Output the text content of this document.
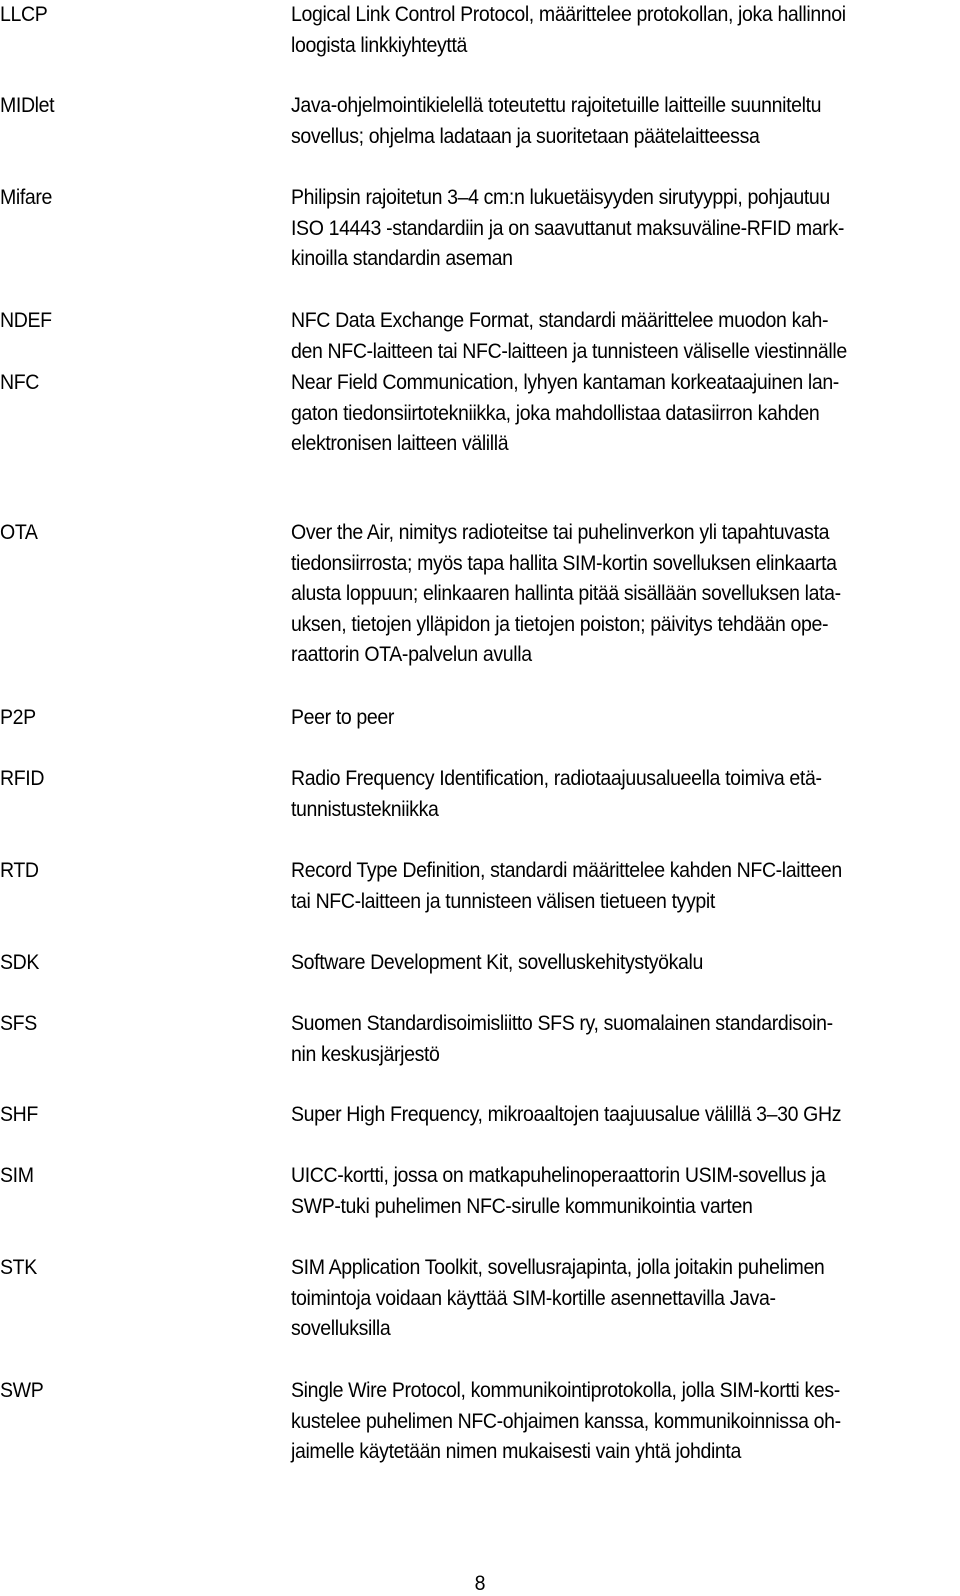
LLCP	Logical Link Control Protocol, määrittelee protokollan, joka hallinnoi
loogista linkkiyhteyttä
MIDlet	Java-ohjelmointikielellä toteutettu rajoitetuille laitteille suunniteltu
sovellus; ohjelma ladataan ja suoritetaan päätelaitteessa
Mifare	Philipsin rajoitetun 3–4 cm:n lukuetäisyyden sirutyyppi, pohjautuu
ISO 14443 -standardiin ja on saavuttanut maksuväline-RFID mark-
kinoilla standardin aseman
NDEF	NFC Data Exchange Format, standardi määrittelee muodon kah-
den NFC-laitteen tai NFC-laitteen ja tunnisteen väliselle viestinnälle
NFC	Near Field Communication, lyhyen kantaman korkeataajuinen lan-
gaton tiedonsiirtotekniikka, joka mahdollistaa datasiirron kahden
elektronisen laitteen välillä
OTA	Over the Air, nimitys radioteitse tai puhelinverkon yli tapahtuvasta
tiedonsiirrosta; myös tapa hallita SIM-kortin sovelluksen elinkaarta
alusta loppuun; elinkaaren hallinta pitää sisällään sovelluksen lata-
uksen, tietojen ylläpidon ja tietojen poiston; päivitys tehdään ope-
raattorin OTA-palvelun avulla
P2P	Peer to peer
RFID	Radio Frequency Identification, radiotaajuusalueella toimiva etä-
tunnistustekniikka
RTD	Record Type Definition, standardi määrittelee kahden NFC-laitteen
tai NFC-laitteen ja tunnisteen välisen tietueen tyypit
SDK	Software Development Kit, sovelluskehitystyökalu
SFS	Suomen Standardisoimisliitto SFS ry, suomalainen standardisoin-
nin keskusjärjestö
SHF	Super High Frequency, mikroaaltojen taajuusalue välillä 3–30 GHz
SIM	UICC-kortti, jossa on matkapuhelinoperaattorin USIM-sovellus ja
SWP-tuki puhelimen NFC-sirulle kommunikointia varten
STK	SIM Application Toolkit, sovellusrajapinta, jolla joitakin puhelimen
toimintoja voidaan käyttää SIM-kortille asennettavilla Java-
sovelluksilla
SWP	Single Wire Protocol, kommunikointiprotokolla, jolla SIM-kortti kes-
kustelee puhelimen NFC-ohjaimen kanssa, kommunikoinnissa oh-
jaimelle käytetään nimen mukaisesti vain yhtä johdinta
8
